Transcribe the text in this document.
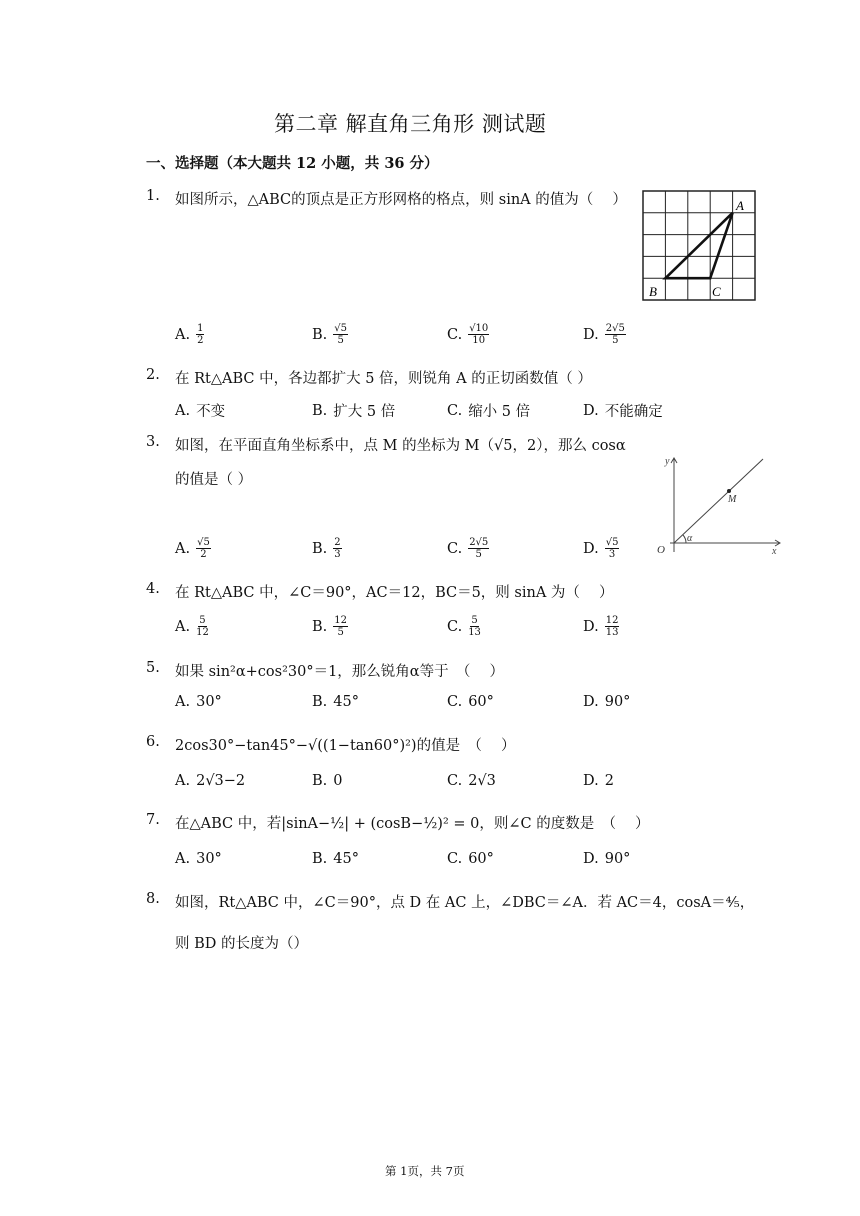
第二章 解直角三角形 测试题
一、选择题（本大题共 12 小题，共 36 分）
1.	如图所示，△ABC的顶点是正方形网格的格点，则 sinA 的值为（　 ）	A
B	C
A. $\frac{1}{2}$	B. $\frac{√5}{5}$	C. $\frac{√10}{10}$	D. $\frac{2√5}{5}$
2.	在 Rt△ABC 中，各边都扩大 5 倍，则锐角 A 的正切函数值（ ）
A. 不变	B. 扩大 5 倍	C. 缩小 5 倍	D. 不能确定
3.	如图，在平面直角坐标系中，点 M 的坐标为 M（√5，2），那么 cosα
的值是（ ）
y
x
O
M
α
A. $\frac{√5}{2}$	B. $\frac{2}{3}$	C. $\frac{2√5}{5}$	D. $\frac{√5}{3}$
4.	在 Rt△ABC 中，∠C＝90°，AC＝12，BC＝5，则 sinA 为（　 ）
A. $\frac{5}{12}$	B. $\frac{12}{5}$	C. $\frac{5}{13}$	D. $\frac{12}{13}$
5.	如果 sin²α+cos²30°＝1，那么锐角α等于　（　 ）
A. 30°	B. 45°	C. 60°	D. 90°
6.	2cos30°−tan45°−√((1−tan60°)²)的值是　（　 ）
A. 2√3−2	B. 0	C. 2√3	D. 2
7.	在△ABC 中，若|sinA−½| + (cosB−½)² = 0，则∠C 的度数是　（　 ）
A. 30°	B. 45°	C. 60°	D. 90°
8.	如图，Rt△ABC 中，∠C＝90°，点 D 在 AC 上，∠DBC＝∠A．若 AC＝4，cosA＝⁴⁄₅，
则 BD 的长度为（）
第 1页，共 7页
